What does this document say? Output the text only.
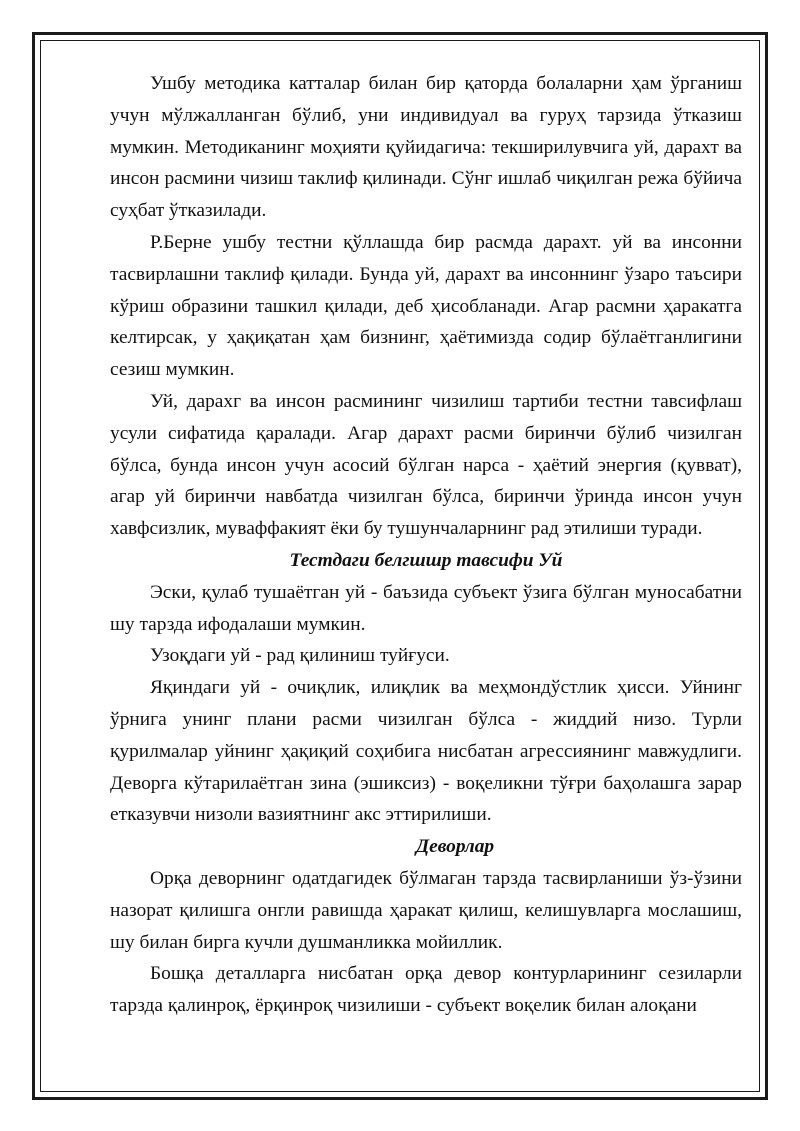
Ушбу методика катталар билан бир қаторда болаларни ҳам ўрганиш учун мўлжалланган бўлиб, уни индивидуал ва гуруҳ тарзида ўтказиш мумкин. Методиканинг моҳияти қуйидагича: текширилувчига уй, дарахт ва инсон расмини чизиш таклиф қилинади. Сўнг ишлаб чиқилган режа бўйича суҳбат ўтказилади.

Р.Берне ушбу тестни қўллашда бир расмда дарахт. уй ва инсонни тасвирлашни таклиф қилади. Бунда уй, дарахт ва инсоннинг ўзаро таъсири кўриш образини ташкил қилади, деб ҳисобланади. Агар расмни ҳаракатга келтирсак, у ҳақиқатан ҳам бизнинг, ҳаётимизда содир бўлаётганлигини сезиш мумкин.

Уй, дарахг ва инсон расмининг чизилиш тартиби тестни тавсифлаш усули сифатида қаралади. Агар дарахт расми биринчи бўлиб чизилган бўлса, бунда инсон учун асосий бўлган нарса - ҳаётий энергия (қувват), агар уй биринчи навбатда чизилган бўлса, биринчи ўринда инсон учун хавфсизлик, муваффакият ёки бу тушунчаларнинг рад этилиши туради.

Тестдаги белгшшр тавсифи Уй

Эски, қулаб тушаётган уй - баъзида субъект ўзига бўлган муносабатни шу тарзда ифодалаши мумкин.

Узоқдаги уй - рад қилиниш туйғуси.

Яқиндаги уй - очиқлик, илиқлик ва меҳмондўстлик ҳисси. Уйнинг ўрнига унинг плани расми чизилган бўлса - жиддий низо. Турли қурилмалар уйнинг ҳақиқий соҳибига нисбатан агрессиянинг мавжудлиги. Деворга кўтарилаётган зина (эшиксиз) - воқеликни тўғри баҳолашга зарар етказувчи низоли вазиятнинг акс эттирилиши.

Деворлар

Орқа деворнинг одатдагидек бўлмаган тарзда тасвирланиши ўз-ўзини назорат қилишга онгли равишда ҳаракат қилиш, келишувларга мослашиш, шу билан бирга кучли душманликка мойиллик.

Бошқа деталларга нисбатан орқа девор контурларининг сезиларли тарзда қалинроқ, ёрқинроқ чизилиши - субъект воқелик билан алоқани
